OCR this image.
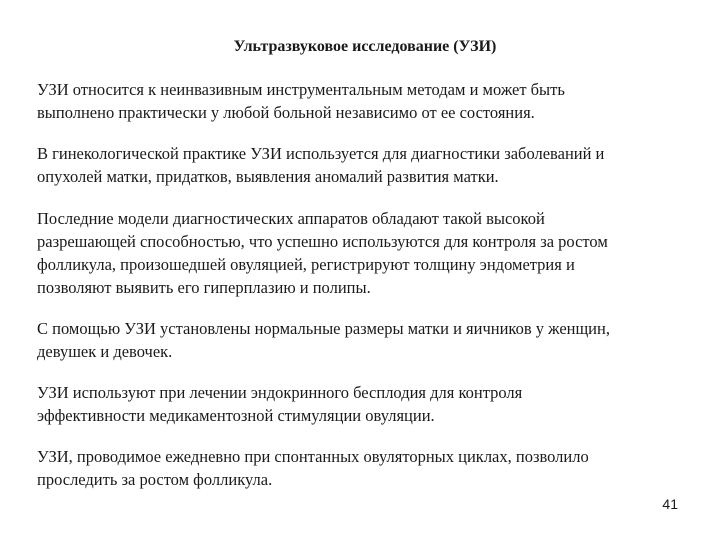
Ультразвуковое исследование (УЗИ)
УЗИ относится к неинвазивным инструментальным методам и может быть
выполнено практически у любой больной независимо от ее состояния.
В гинекологической практике УЗИ используется для диагностики заболеваний и
опухолей матки, придатков, выявления аномалий развития матки.
Последние модели диагностических аппаратов обладают такой высокой
разрешающей способностью, что успешно используются для контроля за ростом
фолликула, произошедшей овуляцией, регистрируют толщину эндометрия и
позволяют выявить его гиперплазию и полипы.
С помощью УЗИ установлены нормальные размеры матки и яичников у женщин,
девушек и девочек.
УЗИ используют при лечении эндокринного бесплодия для контроля
эффективности медикаментозной стимуляции овуляции.
УЗИ, проводимое ежедневно при спонтанных овуляторных циклах, позволило
проследить за ростом фолликула.
41
